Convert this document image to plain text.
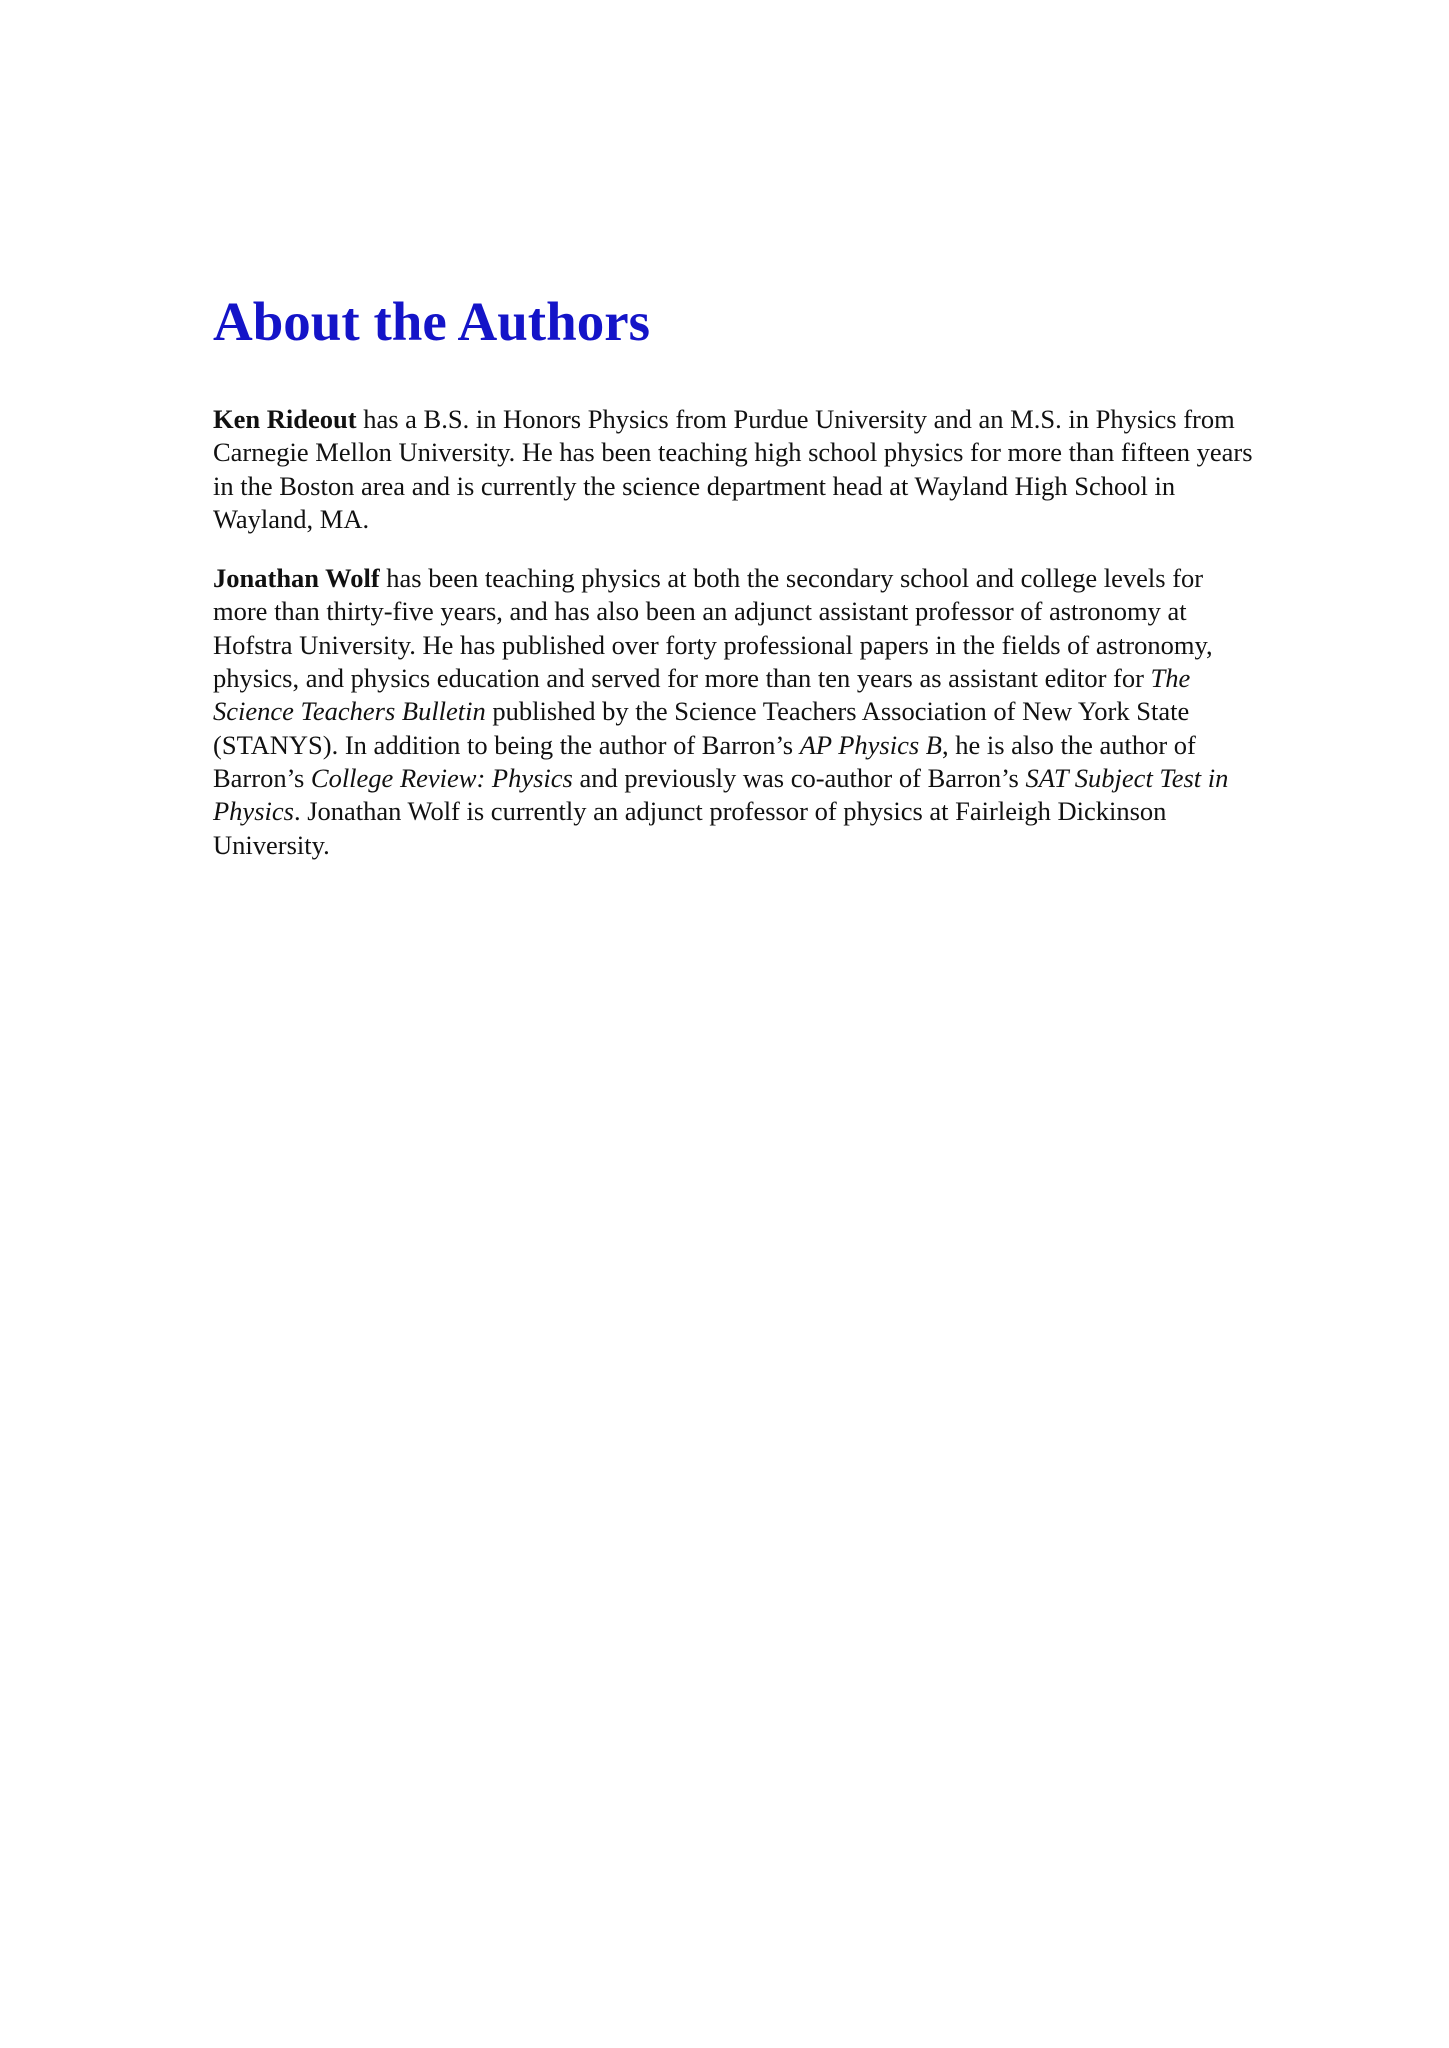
About the Authors

Ken Rideout has a B.S. in Honors Physics from Purdue University and an M.S. in Physics from Carnegie Mellon University. He has been teaching high school physics for more than fifteen years in the Boston area and is currently the science department head at Wayland High School in Wayland, MA.

Jonathan Wolf has been teaching physics at both the secondary school and college levels for more than thirty-five years, and has also been an adjunct assistant professor of astronomy at Hofstra University. He has published over forty professional papers in the fields of astronomy, physics, and physics education and served for more than ten years as assistant editor for The Science Teachers Bulletin published by the Science Teachers Association of New York State (STANYS). In addition to being the author of Barron’s AP Physics B, he is also the author of Barron’s College Review: Physics and previously was co-author of Barron’s SAT Subject Test in Physics. Jonathan Wolf is currently an adjunct professor of physics at Fairleigh Dickinson University.
